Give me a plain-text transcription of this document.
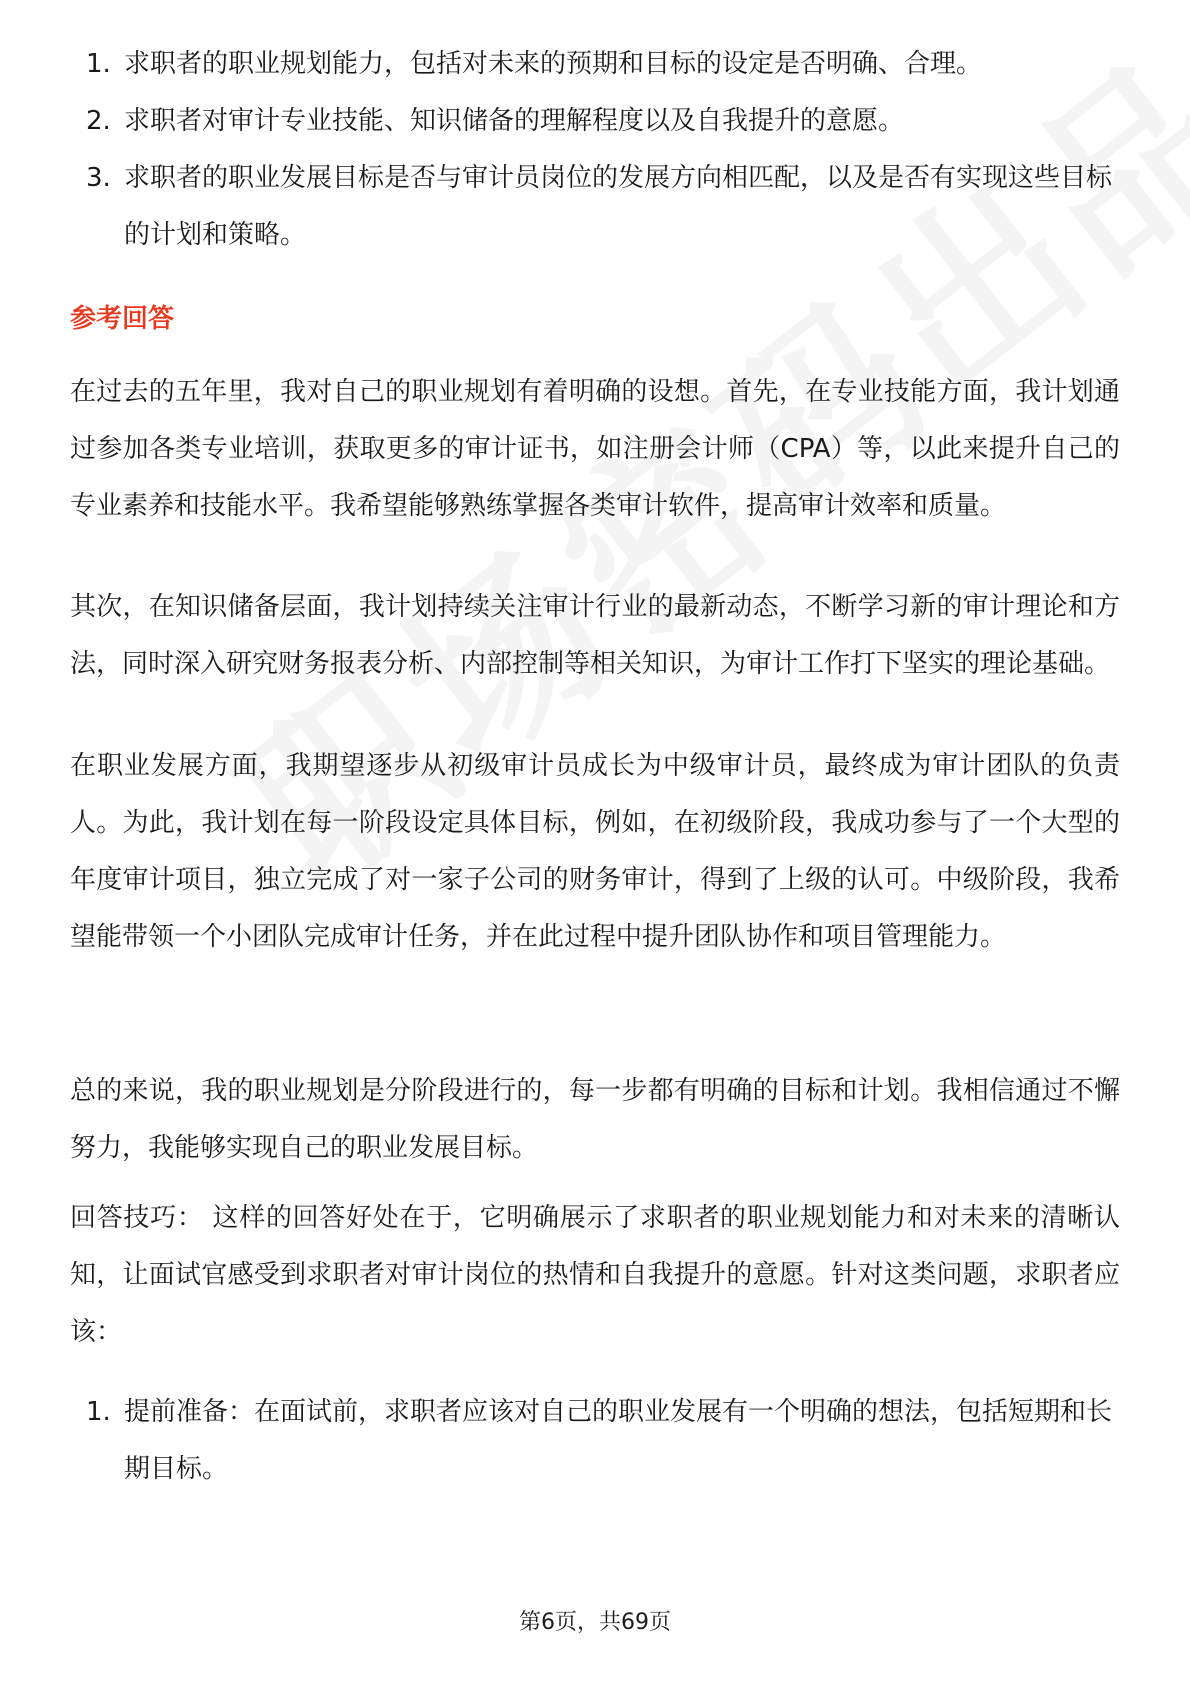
1. 求职者的职业规划能力，包括对未来的预期和目标的设定是否明确、合理。
2. 求职者对审计专业技能、知识储备的理解程度以及自我提升的意愿。
3. 求职者的职业发展目标是否与审计员岗位的发展方向相匹配，以及是否有实现这些目标的计划和策略。
参考回答

在过去的五年里，我对自己的职业规划有着明确的设想。首先，在专业技能方面，我计划通过参加各类专业培训，获取更多的审计证书，如注册会计师（CPA）等，以此来提升自己的专业素养和技能水平。我希望能够熟练掌握各类审计软件，提高审计效率和质量。

其次，在知识储备层面，我计划持续关注审计行业的最新动态，不断学习新的审计理论和方法，同时深入研究财务报表分析、内部控制等相关知识，为审计工作打下坚实的理论基础。

在职业发展方面，我期望逐步从初级审计员成长为中级审计员，最终成为审计团队的负责人。为此，我计划在每一阶段设定具体目标，例如，在初级阶段，我成功参与了一个大型的年度审计项目，独立完成了对一家子公司的财务审计，得到了上级的认可。中级阶段，我希望能带领一个小团队完成审计任务，并在此过程中提升团队协作和项目管理能力。

总的来说，我的职业规划是分阶段进行的，每一步都有明确的目标和计划。我相信通过不懈努力，我能够实现自己的职业发展目标。

回答技巧： 这样的回答好处在于，它明确展示了求职者的职业规划能力和对未来的清晰认知，让面试官感受到求职者对审计岗位的热情和自我提升的意愿。针对这类问题，求职者应该：

1. 提前准备：在面试前，求职者应该对自己的职业发展有一个明确的想法，包括短期和长期目标。
第6页，共69页
